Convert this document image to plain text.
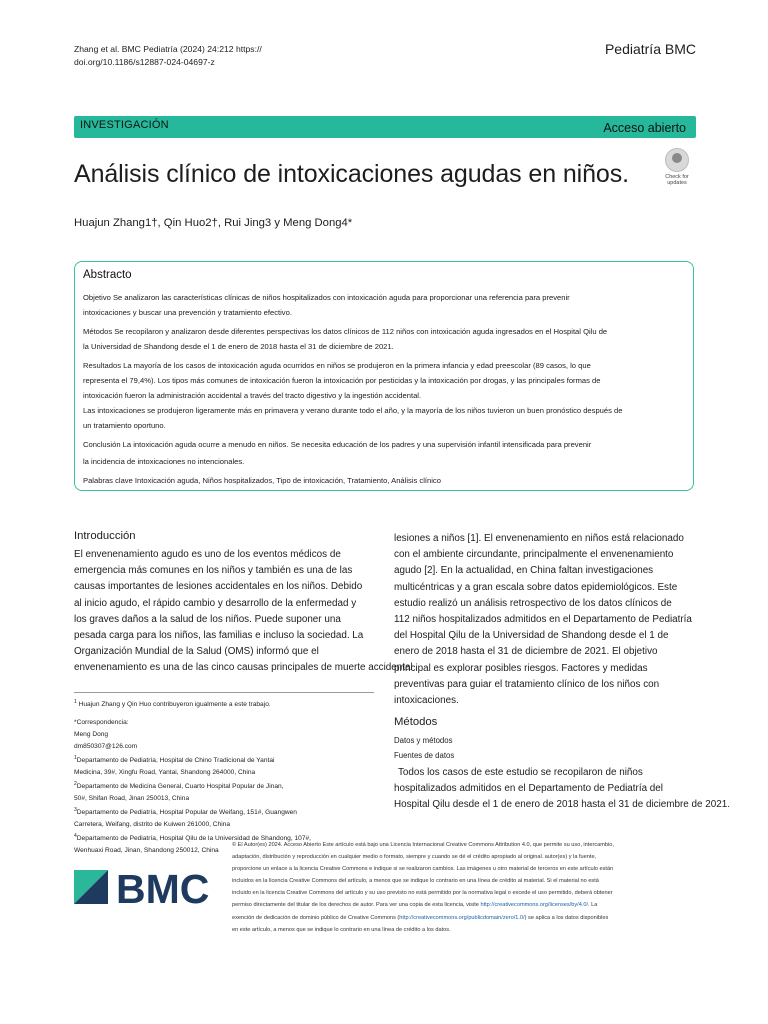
Zhang et al. BMC Pediatría (2024) 24:212 https://
doi.org/10.1186/s12887-024-04697-z
Pediatría BMC
INVESTIGACIÓN	Acceso abierto
Análisis clínico de intoxicaciones agudas en niños.	Check for
updates
Huajun Zhang1†, Qin Huo2†, Rui Jing3 y Meng Dong4*
Abstracto
Objetivo Se analizaron las características clínicas de niños hospitalizados con intoxicación aguda para proporcionar una referencia para prevenir
intoxicaciones y buscar una prevención y tratamiento efectivo.
Métodos Se recopilaron y analizaron desde diferentes perspectivas los datos clínicos de 112 niños con intoxicación aguda ingresados en el Hospital Qilu de
la Universidad de Shandong desde el 1 de enero de 2018 hasta el 31 de diciembre de 2021.
Resultados La mayoría de los casos de intoxicación aguda ocurridos en niños se produjeron en la primera infancia y edad preescolar (89 casos, lo que
representa el 79,4%). Los tipos más comunes de intoxicación fueron la intoxicación por pesticidas y la intoxicación por drogas, y las principales formas de
intoxicación fueron la administración accidental a través del tracto digestivo y la ingestión accidental.
Las intoxicaciones se produjeron ligeramente más en primavera y verano durante todo el año, y la mayoría de los niños tuvieron un buen pronóstico después de
un tratamiento oportuno.
Conclusión La intoxicación aguda ocurre a menudo en niños. Se necesita educación de los padres y una supervisión infantil intensificada para prevenir
la incidencia de intoxicaciones no intencionales.
Palabras clave Intoxicación aguda, Niños hospitalizados, Tipo de intoxicación, Tratamiento, Análisis clínico
Introducción
El envenenamiento agudo es uno de los eventos médicos de
emergencia más comunes en los niños y también es una de las
causas importantes de lesiones accidentales en los niños. Debido
al inicio agudo, el rápido cambio y desarrollo de la enfermedad y
los graves daños a la salud de los niños. Puede suponer una
pesada carga para los niños, las familias e incluso la sociedad. La
Organización Mundial de la Salud (OMS) informó que el
envenenamiento es una de las cinco causas principales de muerte accidental
lesiones a niños [1]. El envenenamiento en niños está relacionado
con el ambiente circundante, principalmente el envenenamiento
agudo [2]. En la actualidad, en China faltan investigaciones
multicéntricas y a gran escala sobre datos epidemiológicos. Este
estudio realizó un análisis retrospectivo de los datos clínicos de
112 niños hospitalizados admitidos en el Departamento de Pediatría
del Hospital Qilu de la Universidad de Shandong desde el 1 de
enero de 2018 hasta el 31 de diciembre de 2021. El objetivo
principal es explorar posibles riesgos. Factores y medidas
preventivas para guiar el tratamiento clínico de los niños con
intoxicaciones.
$^1$ Huajun Zhang y Qin Huo contribuyeron igualmente a este trabajo.
*Correspondencia:
Meng Dong
dm850307@126.com
$^1$Departamento de Pediatría, Hospital de Chino Tradicional de Yantai
Medicina, 39#, Xingfu Road, Yantai, Shandong 264000, China
$^2$Departamento de Medicina General, Cuarto Hospital Popular de Jinan,
50#, Shifan Road, Jinan 250013, China
$^3$Departamento de Pediatría, Hospital Popular de Weifang, 151#, Guangwen
Carretera, Weifang, distrito de Kuiwen 261000, China
$^4$Departamento de Pediatría, Hospital Qilu de la Universidad de Shandong, 107#,
Wenhuaxi Road, Jinan, Shandong 250012, China
Métodos
Datos y métodos
Fuentes de datos
Todos los casos de este estudio se recopilaron de niños
hospitalizados admitidos en el Departamento de Pediatría del
Hospital Qilu desde el 1 de enero de 2018 hasta el 31 de diciembre de 2021.
BMC
© El Autor(es) 2024. Acceso Abierto Este artículo está bajo una Licencia Internacional Creative Commons Attribution 4.0, que permite su uso, intercambio,
adaptación, distribución y reproducción en cualquier medio o formato, siempre y cuando se dé el crédito apropiado al original. autor(es) y la fuente,
proporcione un enlace a la licencia Creative Commons e indique si se realizaron cambios. Las imágenes u otro material de terceros en este artículo están
incluidos en la licencia Creative Commons del artículo, a menos que se indique lo contrario en una línea de crédito al material. Si el material no está
incluido en la licencia Creative Commons del artículo y su uso previsto no está permitido por la normativa legal o excede el uso permitido, deberá obtener
permiso directamente del titular de los derechos de autor. Para ver una copia de esta licencia, visite http://creativecommons.org/licenses/by/4.0/. La
exención de dedicación de dominio público de Creative Commons (http://creativecommons.org/publicdomain/zero/1.0/) se aplica a los datos disponibles
en este artículo, a menos que se indique lo contrario en una línea de crédito a los datos.
